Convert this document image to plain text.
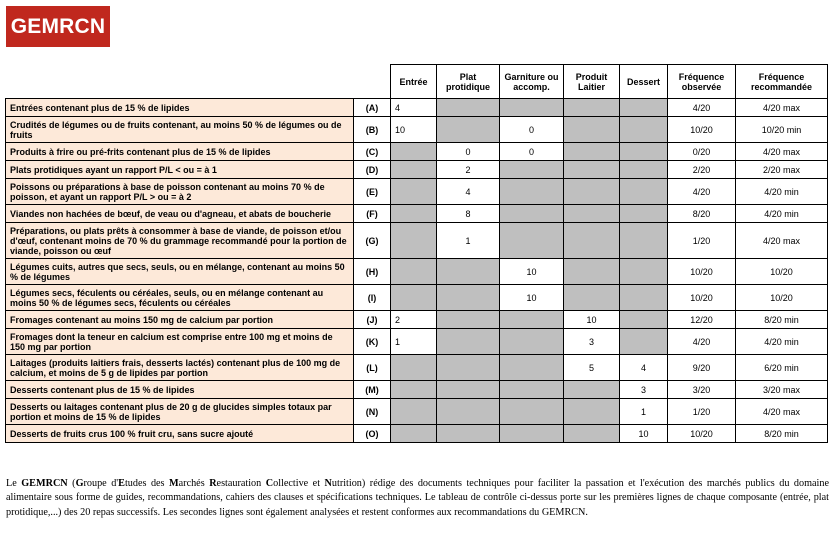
GEMRCN
		Entrée	Plat protidique	Garniture ou accomp.	Produit Laitier	Dessert	Fréquence observée	Fréquence recommandée
Entrées contenant plus de 15 % de lipides	(A)	4					4/20	4/20 max
Crudités de légumes ou de fruits contenant, au moins 50 % de légumes ou de fruits	(B)	10		0			10/20	10/20 min
Produits à frire ou pré-frits contenant plus de 15 % de lipides	(C)		0	0			0/20	4/20 max
Plats protidiques ayant un rapport P/L < ou = à 1	(D)		2				2/20	2/20 max
Poissons ou préparations à base de poisson contenant au moins 70 % de poisson, et ayant un rapport P/L > ou = à 2	(E)		4				4/20	4/20 min
Viandes non hachées de bœuf, de veau ou d'agneau, et abats de boucherie	(F)		8				8/20	4/20 min
Préparations, ou plats prêts à consommer à base de viande, de poisson et/ou d'œuf, contenant moins de 70 % du grammage recommandé pour la portion de viande, poisson ou œuf	(G)		1				1/20	4/20 max
Légumes cuits, autres que secs, seuls, ou en mélange, contenant au moins 50 % de légumes	(H)			10			10/20	10/20
Légumes secs, féculents ou céréales, seuls, ou en mélange contenant au moins 50 % de légumes secs, féculents ou céréales	(I)			10			10/20	10/20
Fromages contenant au moins 150 mg de calcium par portion	(J)	2			10		12/20	8/20 min
Fromages dont la teneur en calcium est comprise entre 100 mg et moins de 150 mg par portion	(K)	1			3		4/20	4/20 min
Laitages (produits laitiers frais, desserts lactés) contenant plus de 100 mg de calcium, et moins de 5 g de lipides par portion	(L)				5	4	9/20	6/20 min
Desserts contenant plus de 15 % de lipides	(M)					3	3/20	3/20 max
Desserts ou laitages contenant plus de 20 g de glucides simples totaux par portion et moins de 15 % de lipides	(N)					1	1/20	4/20 max
Desserts de fruits crus 100 % fruit cru, sans sucre ajouté	(O)					10	10/20	8/20 min
Le GEMRCN (Groupe d'Etudes des Marchés Restauration Collective et Nutrition) rédige des documents techniques pour faciliter la passation et l'exécution des marchés publics du domaine alimentaire sous forme de guides, recommandations, cahiers des clauses et spécifications techniques. Le tableau de contrôle ci-dessus porte sur les premières lignes de chaque composante (entrée, plat protidique,...) des 20 repas successifs. Les secondes lignes sont également analysées et restent conformes aux recommandations du GEMRCN.
